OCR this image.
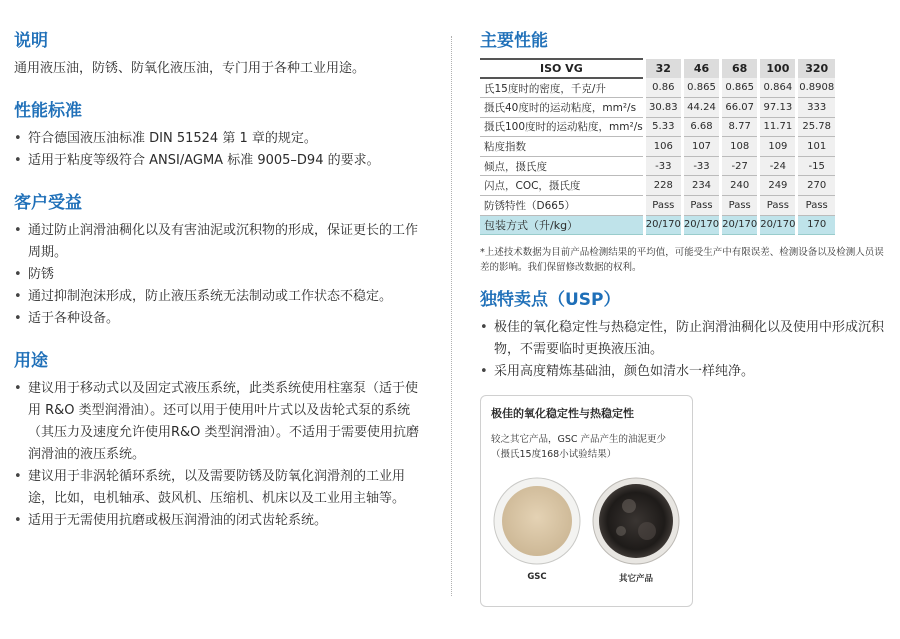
说明

通用液压油，防锈、防氧化液压油，专门用于各种工业用途。

性能标准
• 符合德国液压油标准 DIN 51524 第 1 章的规定。
• 适用于粘度等级符合 ANSI/AGMA 标准 9005–D94 的要求。
客户受益
• 通过防止润滑油稠化以及有害油泥或沉积物的形成，保证更长的工作周期。
• 防锈
• 通过抑制泡沫形成，防止液压系统无法制动或工作状态不稳定。
• 适于各种设备。
用途
• 建议用于移动式以及固定式液压系统，此类系统使用柱塞泵（适于使用 R&O 类型润滑油）。还可以用于使用叶片式以及齿轮式泵的系统（其压力及速度允许使用R&O 类型润滑油）。不适用于需要使用抗磨润滑油的液压系统。
• 建议用于非涡轮循环系统，以及需要防锈及防氧化润滑剂的工业用途，比如，电机轴承、鼓风机、压缩机、机床以及工业用主轴等。
• 适用于无需使用抗磨或极压润滑油的闭式齿轮系统。
主要性能
ISO VG	32	46	68	100	320
氏15度时的密度，千克/升	0.86	0.865	0.865	0.864	0.8908
摄氏40度时的运动粘度，mm²/s	30.83	44.24	66.07	97.13	333
摄氏100度时的运动粘度，mm²/s	5.33	6.68	8.77	11.71	25.78
粘度指数	106	107	108	109	101
倾点，摄氏度	-33	-33	-27	-24	-15
闪点，COC，摄氏度	228	234	240	249	270
防锈特性（D665）	Pass	Pass	Pass	Pass	Pass
包装方式（升/kg）	20/170	20/170	20/170	20/170	170

*上述技术数据为目前产品检测结果的平均值，可能受生产中有限误差、检测设备以及检测人员误差的影响。我们保留修改数据的权利。

独特卖点（USP）
• 极佳的氧化稳定性与热稳定性，防止润滑油稠化以及使用中形成沉积物，不需要临时更换液压油。
• 采用高度精炼基础油，颜色如清水一样纯净。
极佳的氧化稳定性与热稳定性
较之其它产品，GSC 产品产生的油泥更少（摄氏15度168小试验结果）
GSC	其它产品
